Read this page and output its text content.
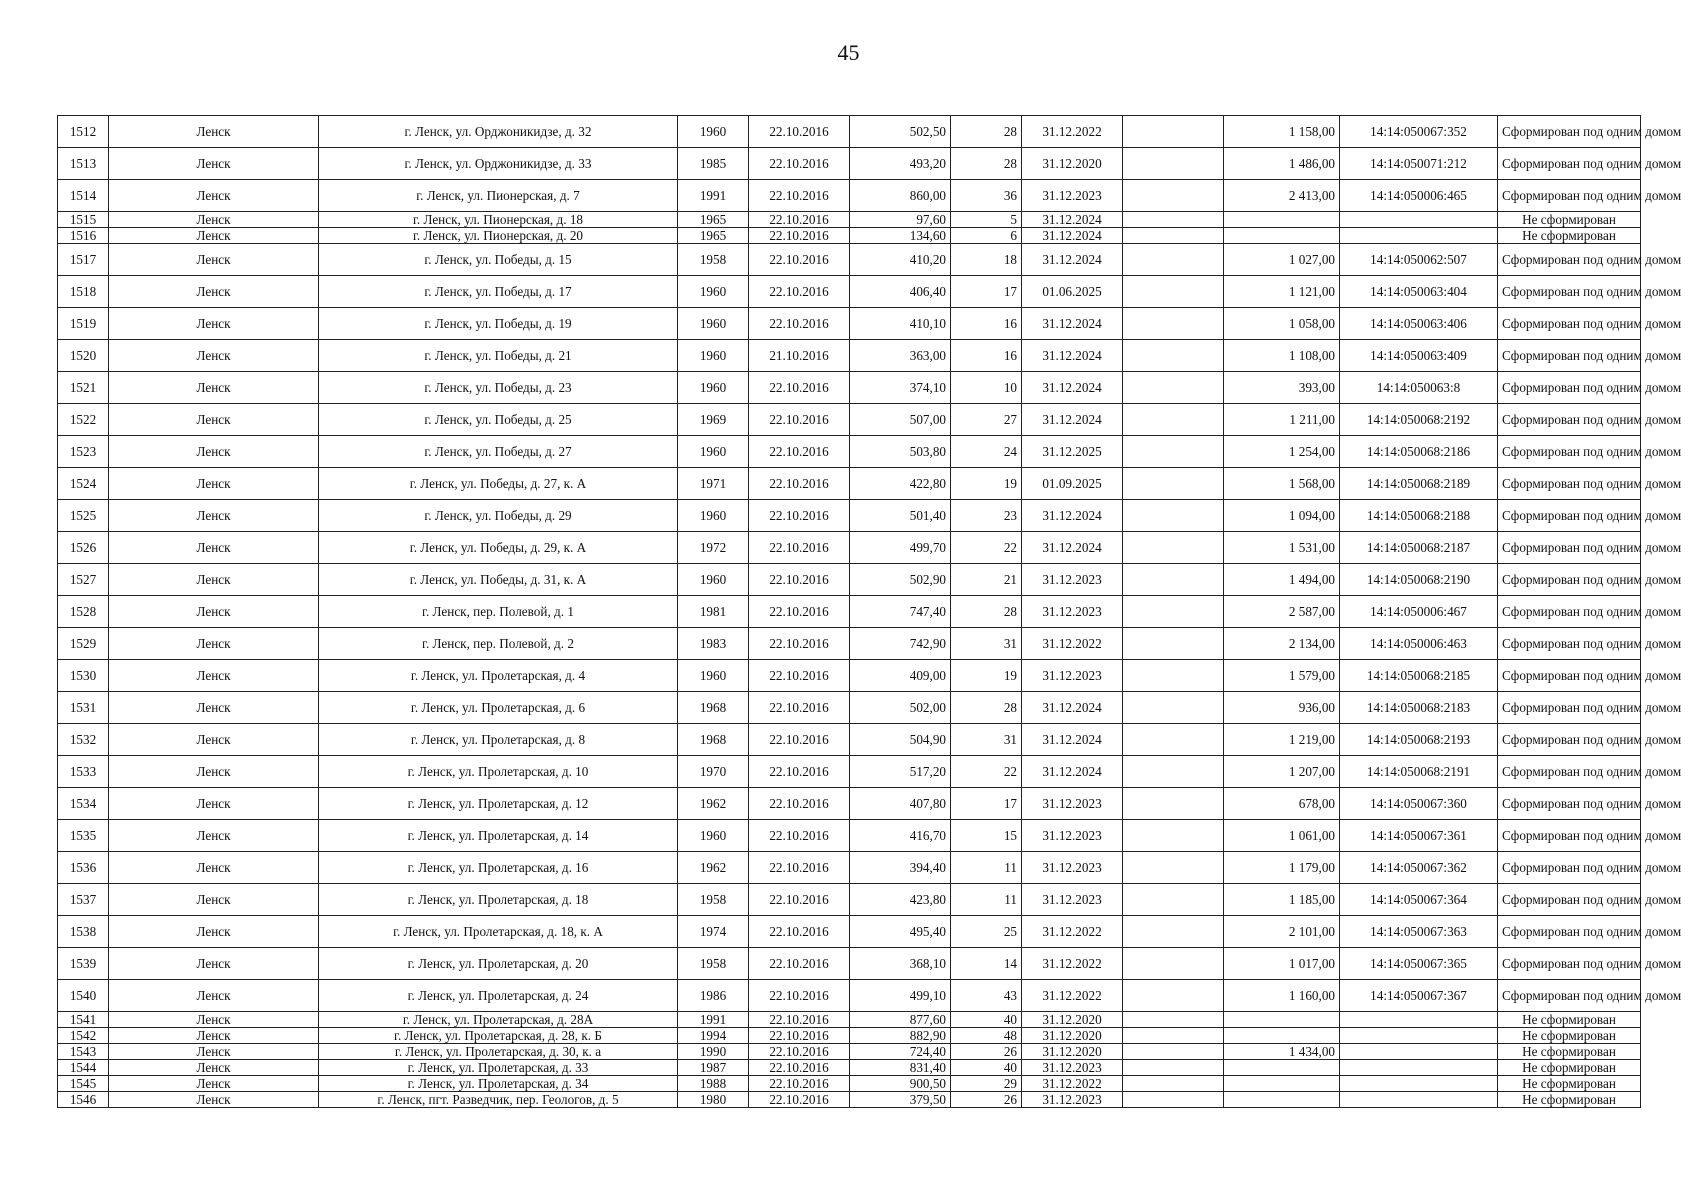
45
1512	Ленск	г. Ленск, ул. Орджоникидзе, д. 32	1960	22.10.2016	502,50	28	31.12.2022		1 158,00	14:14:050067:352	Сформирован под одним домом
1513	Ленск	г. Ленск, ул. Орджоникидзе, д. 33	1985	22.10.2016	493,20	28	31.12.2020		1 486,00	14:14:050071:212	Сформирован под одним домом
1514	Ленск	г. Ленск, ул. Пионерская, д. 7	1991	22.10.2016	860,00	36	31.12.2023		2 413,00	14:14:050006:465	Сформирован под одним домом
1515	Ленск	г. Ленск, ул. Пионерская, д. 18	1965	22.10.2016	97,60	5	31.12.2024				Не сформирован
1516	Ленск	г. Ленск, ул. Пионерская, д. 20	1965	22.10.2016	134,60	6	31.12.2024				Не сформирован
1517	Ленск	г. Ленск, ул. Победы, д. 15	1958	22.10.2016	410,20	18	31.12.2024		1 027,00	14:14:050062:507	Сформирован под одним домом
1518	Ленск	г. Ленск, ул. Победы, д. 17	1960	22.10.2016	406,40	17	01.06.2025		1 121,00	14:14:050063:404	Сформирован под одним домом
1519	Ленск	г. Ленск, ул. Победы, д. 19	1960	22.10.2016	410,10	16	31.12.2024		1 058,00	14:14:050063:406	Сформирован под одним домом
1520	Ленск	г. Ленск, ул. Победы, д. 21	1960	21.10.2016	363,00	16	31.12.2024		1 108,00	14:14:050063:409	Сформирован под одним домом
1521	Ленск	г. Ленск, ул. Победы, д. 23	1960	22.10.2016	374,10	10	31.12.2024		393,00	14:14:050063:8	Сформирован под одним домом
1522	Ленск	г. Ленск, ул. Победы, д. 25	1969	22.10.2016	507,00	27	31.12.2024		1 211,00	14:14:050068:2192	Сформирован под одним домом
1523	Ленск	г. Ленск, ул. Победы, д. 27	1960	22.10.2016	503,80	24	31.12.2025		1 254,00	14:14:050068:2186	Сформирован под одним домом
1524	Ленск	г. Ленск, ул. Победы, д. 27, к. А	1971	22.10.2016	422,80	19	01.09.2025		1 568,00	14:14:050068:2189	Сформирован под одним домом
1525	Ленск	г. Ленск, ул. Победы, д. 29	1960	22.10.2016	501,40	23	31.12.2024		1 094,00	14:14:050068:2188	Сформирован под одним домом
1526	Ленск	г. Ленск, ул. Победы, д. 29, к. А	1972	22.10.2016	499,70	22	31.12.2024		1 531,00	14:14:050068:2187	Сформирован под одним домом
1527	Ленск	г. Ленск, ул. Победы, д. 31, к. А	1960	22.10.2016	502,90	21	31.12.2023		1 494,00	14:14:050068:2190	Сформирован под одним домом
1528	Ленск	г. Ленск, пер. Полевой, д. 1	1981	22.10.2016	747,40	28	31.12.2023		2 587,00	14:14:050006:467	Сформирован под одним домом
1529	Ленск	г. Ленск, пер. Полевой, д. 2	1983	22.10.2016	742,90	31	31.12.2022		2 134,00	14:14:050006:463	Сформирован под одним домом
1530	Ленск	г. Ленск, ул. Пролетарская, д. 4	1960	22.10.2016	409,00	19	31.12.2023		1 579,00	14:14:050068:2185	Сформирован под одним домом
1531	Ленск	г. Ленск, ул. Пролетарская, д. 6	1968	22.10.2016	502,00	28	31.12.2024		936,00	14:14:050068:2183	Сформирован под одним домом
1532	Ленск	г. Ленск, ул. Пролетарская, д. 8	1968	22.10.2016	504,90	31	31.12.2024		1 219,00	14:14:050068:2193	Сформирован под одним домом
1533	Ленск	г. Ленск, ул. Пролетарская, д. 10	1970	22.10.2016	517,20	22	31.12.2024		1 207,00	14:14:050068:2191	Сформирован под одним домом
1534	Ленск	г. Ленск, ул. Пролетарская, д. 12	1962	22.10.2016	407,80	17	31.12.2023		678,00	14:14:050067:360	Сформирован под одним домом
1535	Ленск	г. Ленск, ул. Пролетарская, д. 14	1960	22.10.2016	416,70	15	31.12.2023		1 061,00	14:14:050067:361	Сформирован под одним домом
1536	Ленск	г. Ленск, ул. Пролетарская, д. 16	1962	22.10.2016	394,40	11	31.12.2023		1 179,00	14:14:050067:362	Сформирован под одним домом
1537	Ленск	г. Ленск, ул. Пролетарская, д. 18	1958	22.10.2016	423,80	11	31.12.2023		1 185,00	14:14:050067:364	Сформирован под одним домом
1538	Ленск	г. Ленск, ул. Пролетарская, д. 18, к. А	1974	22.10.2016	495,40	25	31.12.2022		2 101,00	14:14:050067:363	Сформирован под одним домом
1539	Ленск	г. Ленск, ул. Пролетарская, д. 20	1958	22.10.2016	368,10	14	31.12.2022		1 017,00	14:14:050067:365	Сформирован под одним домом
1540	Ленск	г. Ленск, ул. Пролетарская, д. 24	1986	22.10.2016	499,10	43	31.12.2022		1 160,00	14:14:050067:367	Сформирован под одним домом
1541	Ленск	г. Ленск, ул. Пролетарская, д. 28А	1991	22.10.2016	877,60	40	31.12.2020				Не сформирован
1542	Ленск	г. Ленск, ул. Пролетарская, д. 28, к. Б	1994	22.10.2016	882,90	48	31.12.2020				Не сформирован
1543	Ленск	г. Ленск, ул. Пролетарская, д. 30, к. а	1990	22.10.2016	724,40	26	31.12.2020		1 434,00		Не сформирован
1544	Ленск	г. Ленск, ул. Пролетарская, д. 33	1987	22.10.2016	831,40	40	31.12.2023				Не сформирован
1545	Ленск	г. Ленск, ул. Пролетарская, д. 34	1988	22.10.2016	900,50	29	31.12.2022				Не сформирован
1546	Ленск	г. Ленск, пгт. Разведчик, пер. Геологов, д. 5	1980	22.10.2016	379,50	26	31.12.2023				Не сформирован
